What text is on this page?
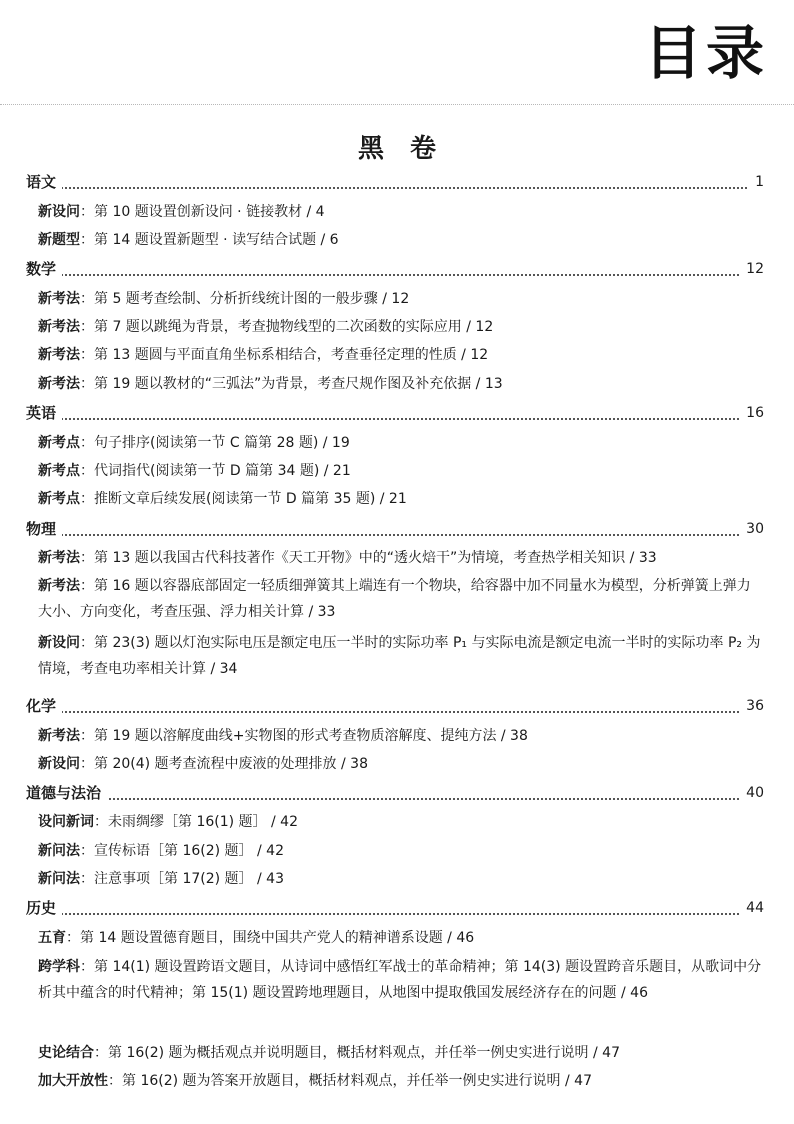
目录
黑卷
语文	1
新设问：第 10 题设置创新设问 · 链接教材 / 4
新题型：第 14 题设置新题型 · 读写结合试题 / 6
数学	12
新考法：第 5 题考查绘制、分析折线统计图的一般步骤 / 12
新考法：第 7 题以跳绳为背景，考查抛物线型的二次函数的实际应用 / 12
新考法：第 13 题圆与平面直角坐标系相结合，考查垂径定理的性质 / 12
新考法：第 19 题以教材的“三弧法”为背景，考查尺规作图及补充依据 / 13
英语	16
新考点：句子排序(阅读第一节 C 篇第 28 题) / 19
新考点：代词指代(阅读第一节 D 篇第 34 题) / 21
新考点：推断文章后续发展(阅读第一节 D 篇第 35 题) / 21
物理	30
新考法：第 13 题以我国古代科技著作《天工开物》中的“透火焙干”为情境，考查热学相关知识 / 33
新考法：第 16 题以容器底部固定一轻质细弹簧其上端连有一个物块，给容器中加不同量水为模型，分析弹簧上弹力大小、方向变化，考查压强、浮力相关计算 / 33
新设问：第 23(3) 题以灯泡实际电压是额定电压一半时的实际功率 P₁ 与实际电流是额定电流一半时的实际功率 P₂ 为情境，考查电功率相关计算 / 34
化学	36
新考法：第 19 题以溶解度曲线+实物图的形式考查物质溶解度、提纯方法 / 38
新设问：第 20(4) 题考查流程中废液的处理排放 / 38
道德与法治	40
设问新词：未雨绸缪［第 16(1) 题］ / 42
新问法：宣传标语［第 16(2) 题］ / 42
新问法：注意事项［第 17(2) 题］ / 43
历史	44
五育：第 14 题设置德育题目，围绕中国共产党人的精神谱系设题 / 46
跨学科：第 14(1) 题设置跨语文题目，从诗词中感悟红军战士的革命精神；第 14(3) 题设置跨音乐题目，从歌词中分析其中蕴含的时代精神；第 15(1) 题设置跨地理题目，从地图中提取俄国发展经济存在的问题 / 46
史论结合：第 16(2) 题为概括观点并说明题目，概括材料观点，并任举一例史实进行说明 / 47
加大开放性：第 16(2) 题为答案开放题目，概括材料观点，并任举一例史实进行说明 / 47
